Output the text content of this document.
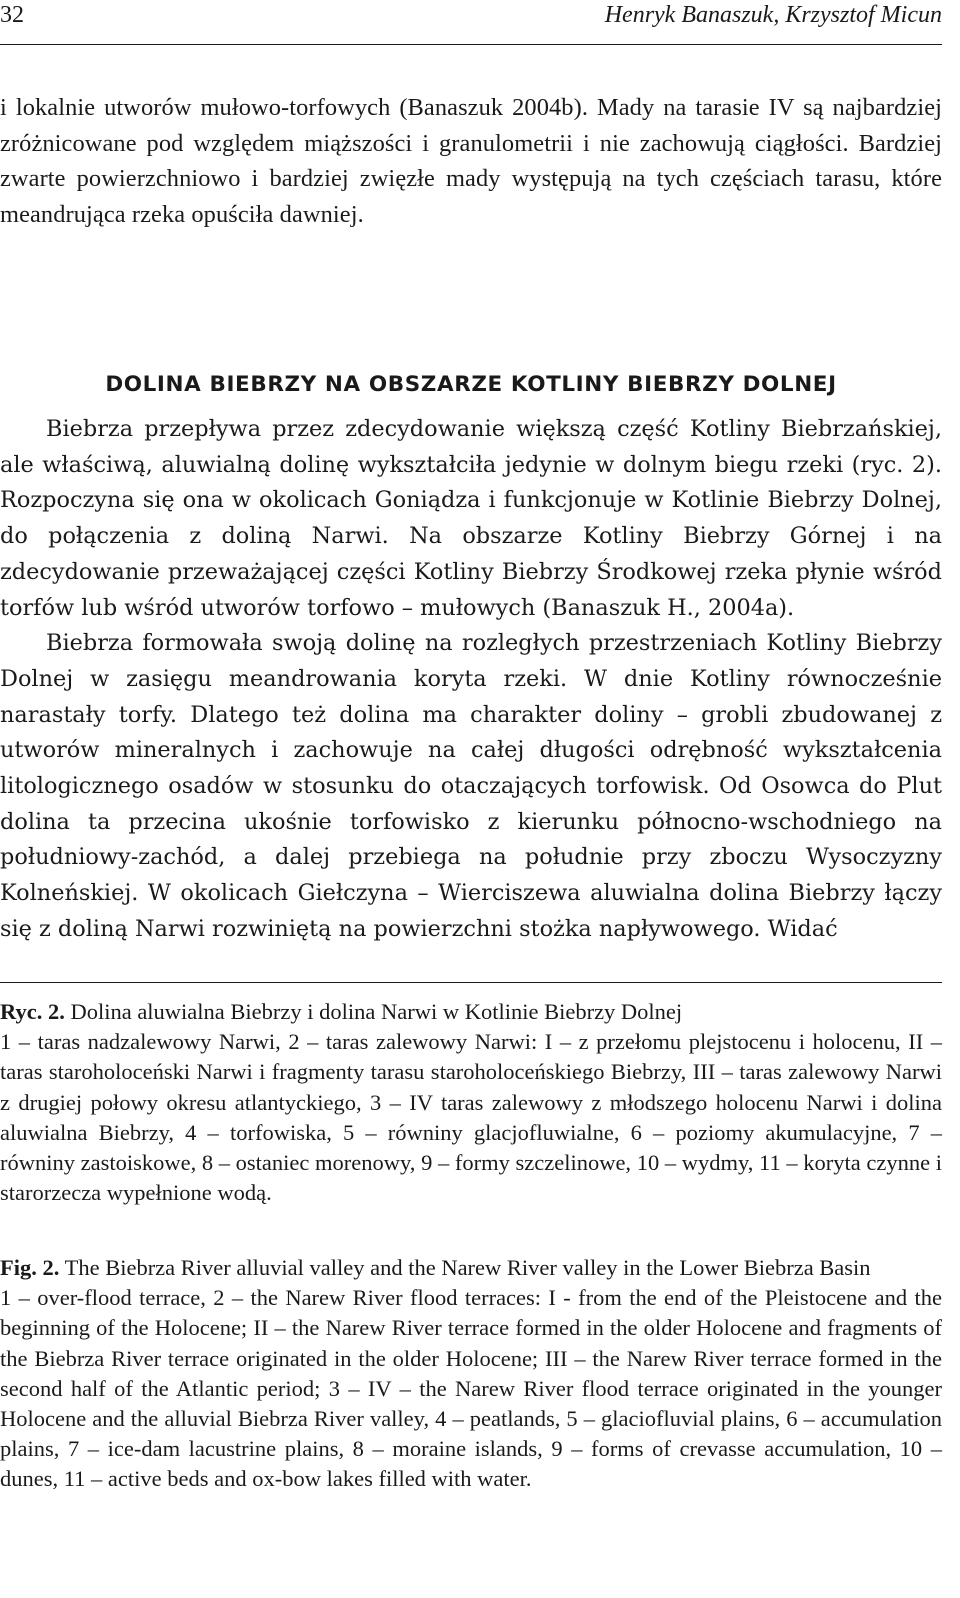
32	Henryk Banaszuk, Krzysztof Micun

i lokalnie utworów mułowo-torfowych (Banaszuk 2004b). Mady na tarasie IV są najbardziej zróżnicowane pod względem miąższości i granulometrii i nie zachowują ciągłości. Bardziej zwarte powierzchniowo i bardziej zwięzłe mady występują na tych częściach tarasu, które meandrująca rzeka opuściła dawniej.

DOLINA BIEBRZY NA OBSZARZE KOTLINY BIEBRZY DOLNEJ

Biebrza przepływa przez zdecydowanie większą część Kotliny Biebrzańskiej, ale właściwą, aluwialną dolinę wykształciła jedynie w dolnym biegu rzeki (ryc. 2). Rozpoczyna się ona w okolicach Goniądza i funkcjonuje w Kotlinie Biebrzy Dolnej, do połączenia z doliną Narwi. Na obszarze Kotliny Biebrzy Górnej i na zdecydowanie przeważającej części Kotliny Biebrzy Środkowej rzeka płynie wśród torfów lub wśród utworów torfowo – mułowych (Banaszuk H., 2004a).
Biebrza formowała swoją dolinę na rozległych przestrzeniach Kotliny Biebrzy Dolnej w zasięgu meandrowania koryta rzeki. W dnie Kotliny równocześnie narastały torfy. Dlatego też dolina ma charakter doliny – grobli zbudowanej z utworów mineralnych i zachowuje na całej długości odrębność wykształcenia litologicznego osadów w stosunku do otaczających torfowisk. Od Osowca do Plut dolina ta przecina ukośnie torfowisko z kierunku północno-wschodniego na południowy-zachód, a dalej przebiega na południe przy zboczu Wysoczyzny Kolneńskiej. W okolicach Giełczyna – Wierciszewa aluwialna dolina Biebrzy łączy się z doliną Narwi rozwiniętą na powierzchni stożka napływowego. Widać

Ryc. 2. Dolina aluwialna Biebrzy i dolina Narwi w Kotlinie Biebrzy Dolnej
1 – taras nadzalewowy Narwi, 2 – taras zalewowy Narwi: I – z przełomu plejstocenu i holocenu, II – taras staroholoceński Narwi i fragmenty tarasu staroholoceńskiego Biebrzy, III – taras zalewowy Narwi z drugiej połowy okresu atlantyckiego, 3 – IV taras zalewowy z młodszego holocenu Narwi i dolina aluwialna Biebrzy, 4 – torfowiska, 5 – równiny glacjofluwialne, 6 – poziomy akumulacyjne, 7 – równiny zastoiskowe, 8 – ostaniec morenowy, 9 – formy szczelinowe, 10 – wydmy, 11 – koryta czynne i starorzecza wypełnione wodą.

Fig. 2. The Biebrza River alluvial valley and the Narew River valley in the Lower Biebrza Basin
1 – over-flood terrace, 2 – the Narew River flood terraces: I - from the end of the Pleistocene and the beginning of the Holocene; II – the Narew River terrace formed in the older Holocene and fragments of the Biebrza River terrace originated in the older Holocene; III – the Narew River terrace formed in the second half of the Atlantic period; 3 – IV – the Narew River flood terrace originated in the younger Holocene and the alluvial Biebrza River valley, 4 – peatlands, 5 – glaciofluvial plains, 6 – accumulation plains, 7 – ice-dam lacustrine plains, 8 – moraine islands, 9 – forms of crevasse accumulation, 10 – dunes, 11 – active beds and ox-bow lakes filled with water.
